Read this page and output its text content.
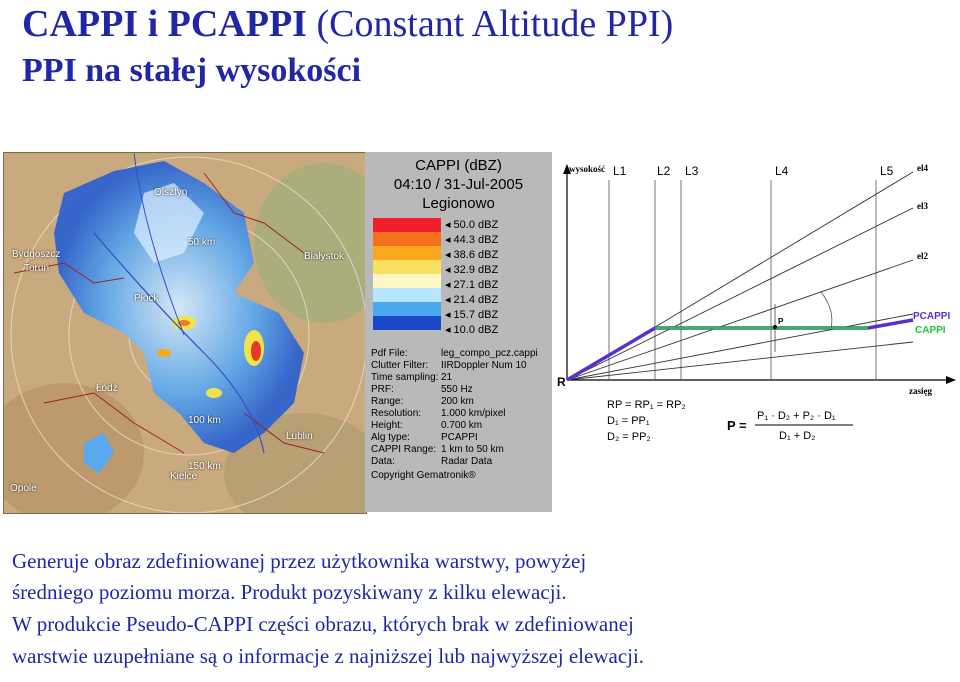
CAPPI i PCAPPI (Constant Altitude PPI)
PPI na stałej wysokości
Olsztyn
Bydgoszcz
Toruń
Białystok
Łódź
Lublin
Kielce
Opole
Płock
50 km
100 km
150 km
CAPPI (dBZ)
04:10 / 31-Jul-2005
Legionowo
◂ 50.0 dBZ
◂ 44.3 dBZ
◂ 38.6 dBZ
◂ 32.9 dBZ
◂ 27.1 dBZ
◂ 21.4 dBZ
◂ 15.7 dBZ
◂ 10.0 dBZ
Pdf File:	leg_compo_pcz.cappi
Clutter Filter:	IIRDoppler Num 10
Time sampling: 21
PRF:	550 Hz
Range:	200 km
Resolution:	1.000 km/pixel
Height:	0.700 km
Alg type:	PCAPPI
CAPPI Range: 1 km to 50 km
Data:	Radar Data
Copyright Gematronik®
wysokość
zasięg
R
L1	L2 L3	L4	L5	el4
el3
el2
PCAPPI
CAPPI
P
RP = RP₁ = RP₂
D₁ = PP₁
D₂ = PP₂
P =
P₁ · D₂ + P₂ · D₁
D₁ + D₂

Generuje obraz zdefiniowanej przez użytkownika warstwy, powyżej

średniego poziomu morza. Produkt pozyskiwany z kilku elewacji.

W produkcie Pseudo-CAPPI części obrazu, których brak w zdefiniowanej

warstwie uzupełniane są o informacje z najniższej lub najwyższej elewacji.
